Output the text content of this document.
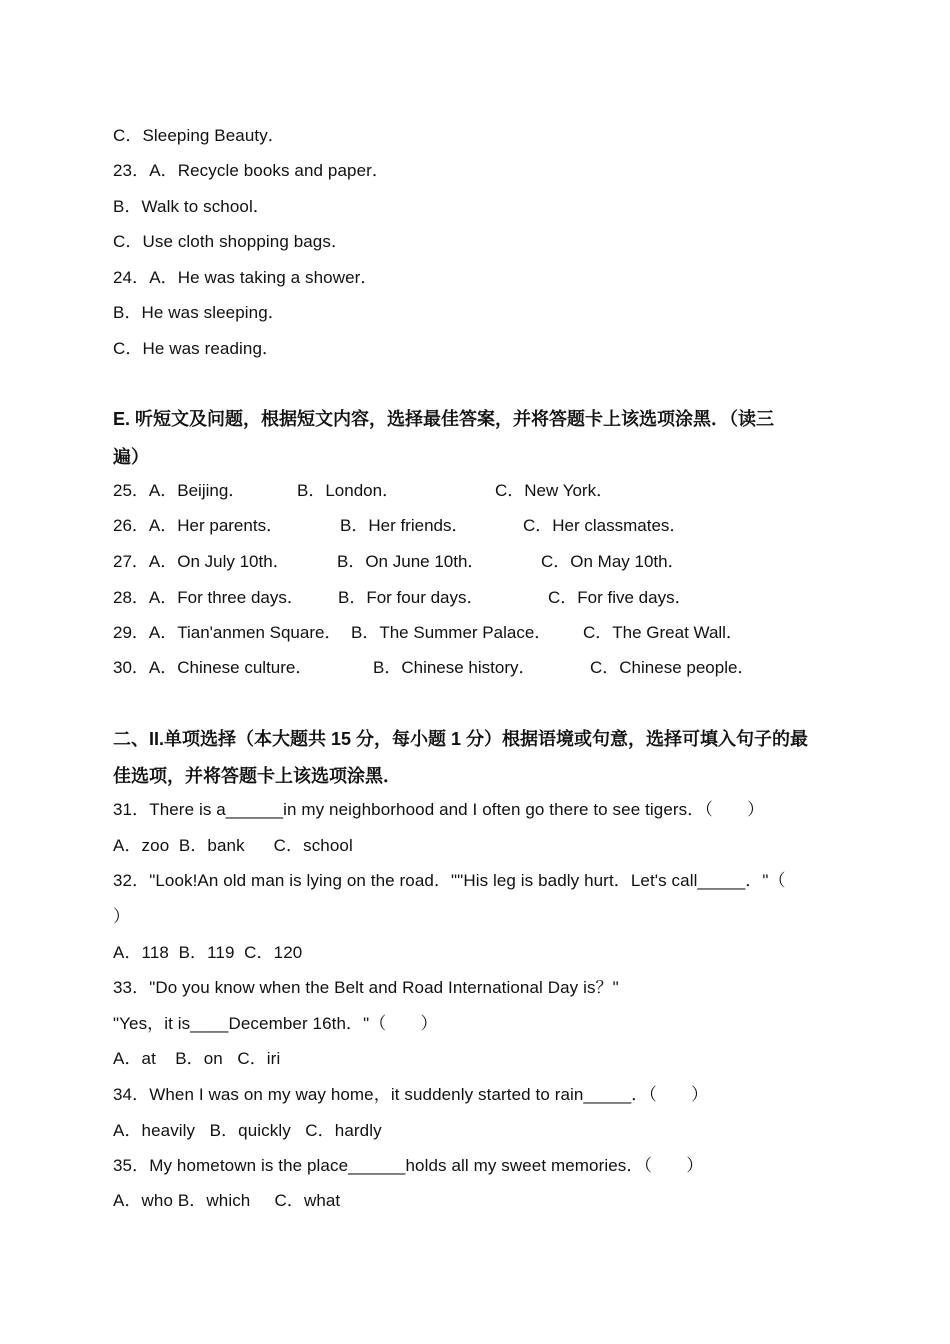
C．Sleeping Beauty．
23．A．Recycle books and paper．
B．Walk to school．
C．Use cloth shopping bags．
24．A．He was taking a shower．
B．He was sleeping．
C．He was reading．
E. 听短文及问题，根据短文内容，选择最佳答案，并将答题卡上该选项涂黑．（读三
遍）
25．A．Beijing．	B．London．	C．New York．
26．A．Her parents．	B．Her friends．	C．Her classmates．
27．A．On July 10th．	B．On June 10th．	C．On May 10th．
28．A．For three days． B．For four days．	C．For five days．
29．A．Tian'anmen Square． B．The Summer Palace． C．The Great Wall．
30．A．Chinese culture．	B．Chinese history．	C．Chinese people．
二、II.单项选择（本大题共 15 分，每小题 1 分）根据语境或句意，选择可填入句子的最
佳选项，并将答题卡上该选项涂黑．
31．There is a______in my neighborhood and I often go there to see tigers．（　　）
A．zoo  B．bank      C．school
32．"Look!An old man is lying on the road．""His leg is badly hurt．Let's call_____．"（
）
A．118  B．119  C．120
33．"Do you know when the Belt and Road International Day is？"
"Yes，it is____December 16th．"（　　）
A．at    B．on   C．iri
34．When I was on my way home，it suddenly started to rain_____．（　　）
A．heavily   B．quickly   C．hardly
35．My hometown is the place______holds all my sweet memories．（　　）
A．who B．which     C．what
